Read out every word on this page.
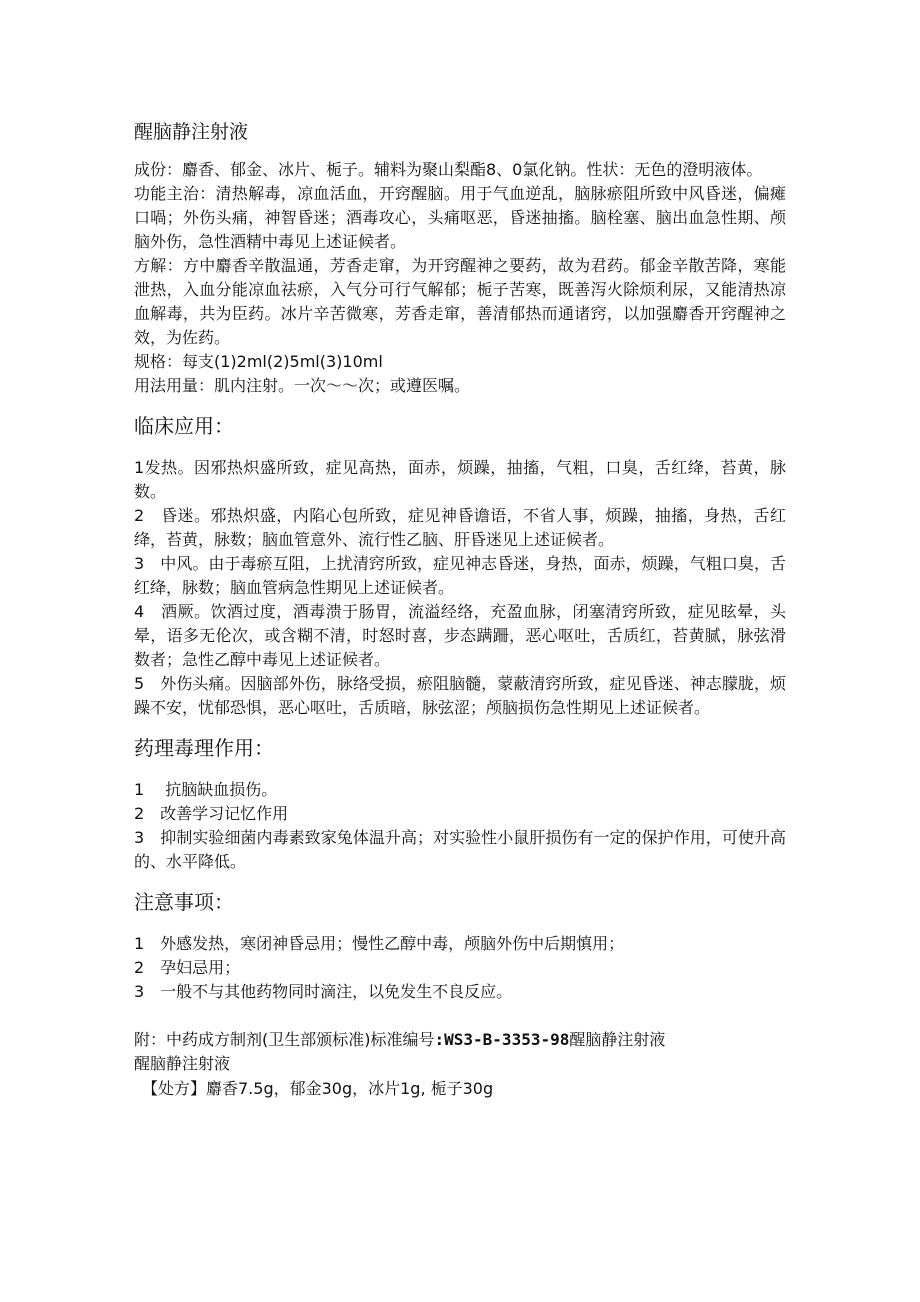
醒脑静注射液

成份：麝香、郁金、冰片、栀子。辅料为聚山梨酯8、0氯化钠。性状：无色的澄明液体。

功能主治：清热解毒，凉血活血，开窍醒脑。用于气血逆乱，脑脉瘀阻所致中风昏迷，偏瘫口喎；外伤头痛，神智昏迷；酒毒攻心，头痛呕恶，昏迷抽搐。脑栓塞、脑出血急性期、颅脑外伤，急性酒精中毒见上述证候者。

方解：方中麝香辛散温通，芳香走窜，为开窍醒神之要药，故为君药。郁金辛散苦降，寒能泄热，入血分能凉血祛瘀，入气分可行气解郁；栀子苦寒，既善泻火除烦利尿，又能清热凉血解毒，共为臣药。冰片辛苦微寒，芳香走窜，善清郁热而通诸窍，以加强麝香开窍醒神之效，为佐药。

规格：每支(1)2ml(2)5ml(3)10ml

用法用量：肌内注射。一次～～次；或遵医嘱。

临床应用：

1发热。因邪热炽盛所致，症见高热，面赤，烦躁，抽搐，气粗，口臭，舌红绛，苔黄，脉数。

2　昏迷。邪热炽盛，内陷心包所致，症见神昏谵语，不省人事，烦躁，抽搐，身热，舌红绛，苔黄，脉数；脑血管意外、流行性乙脑、肝昏迷见上述证候者。

3　中风。由于毒瘀互阻，上扰清窍所致，症见神志昏迷，身热，面赤，烦躁，气粗口臭，舌红绛，脉数；脑血管病急性期见上述证候者。

4　酒厥。饮酒过度，酒毒溃于肠胃，流溢经络，充盈血脉，闭塞清窍所致，症见眩晕，头晕，语多无伦次，或含糊不清，时怒时喜，步态蹒跚，恶心呕吐，舌质红，苔黄腻，脉弦滑数者；急性乙醇中毒见上述证候者。

5　外伤头痛。因脑部外伤，脉络受损，瘀阻脑髓，蒙蔽清窍所致，症见昏迷、神志朦胧，烦躁不安，忧郁恐惧，恶心呕吐，舌质暗，脉弦涩；颅脑损伤急性期见上述证候者。

药理毒理作用：

1　 抗脑缺血损伤。

2　改善学习记忆作用

3　抑制实验细菌内毒素致家兔体温升高；对实验性小鼠肝损伤有一定的保护作用，可使升高的、水平降低。

注意事项：

1　外感发热，寒闭神昏忌用；慢性乙醇中毒，颅脑外伤中后期慎用；

2　孕妇忌用；

3　一般不与其他药物同时滴注，以免发生不良反应。

附：中药成方制剂(卫生部颁标准)标准编号:WS3-B-3353-98醒脑静注射液

醒脑静注射液

【处方】麝香7.5g，郁金30g，冰片1g, 栀子30g
